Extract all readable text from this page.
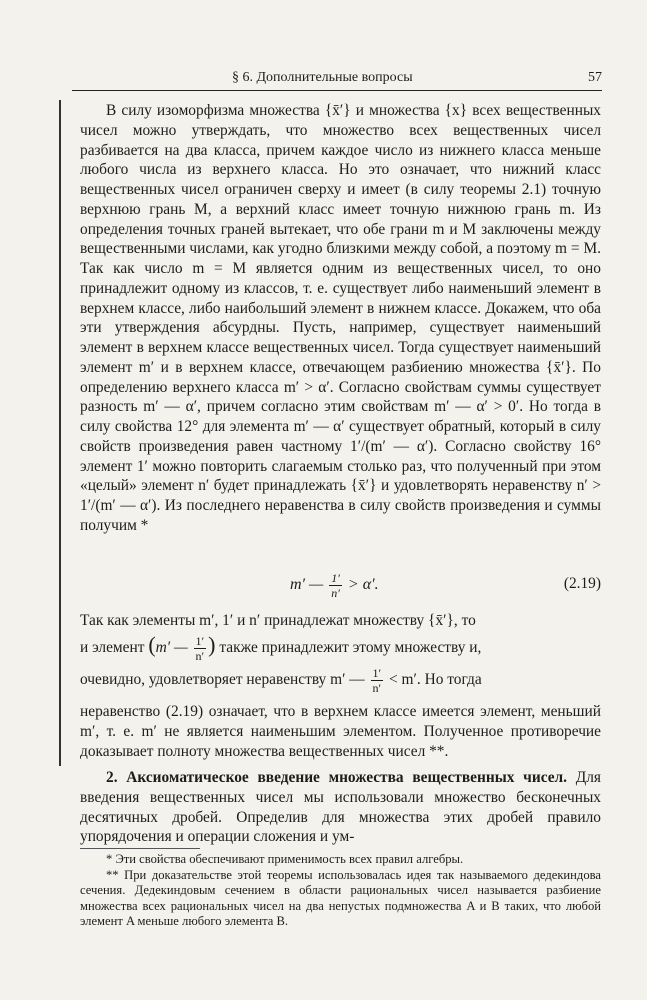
§ 6. Дополнительные вопросы	57

В силу изоморфизма множества {x̄′} и множества {x} всех вещественных чисел можно утверждать, что множество всех вещественных чисел разбивается на два класса, причем каждое число из нижнего класса меньше любого числа из верхнего класса. Но это означает, что нижний класс вещественных чисел ограничен сверху и имеет (в силу теоремы 2.1) точную верхнюю грань M, а верхний класс имеет точную нижнюю грань m. Из определения точных граней вытекает, что обе грани m и M заключены между вещественными числами, как угодно близкими между собой, а поэтому m = M. Так как число m = M является одним из вещественных чисел, то оно принадлежит одному из классов, т. е. существует либо наименьший элемент в верхнем классе, либо наибольший элемент в нижнем классе. Докажем, что оба эти утверждения абсурдны. Пусть, например, существует наименьший элемент в верхнем классе вещественных чисел. Тогда существует наименьший элемент m′ и в верхнем классе, отвечающем разбиению множества {x̄′}. По определению верхнего класса m′ > α′. Согласно свойствам суммы существует разность m′ — α′, причем согласно этим свойствам m′ — α′ > 0′. Но тогда в силу свойства 12° для элемента m′ — α′ существует обратный, который в силу свойств произведения равен частному 1′/(m′ — α′). Согласно свойству 16° элемент 1′ можно повторить слагаемым столько раз, что полученный при этом «целый» элемент n′ будет принадлежать {x̄′} и удовлетворять неравенству n′ > 1′/(m′ — α′). Из последнего неравенства в силу свойств произведения и суммы получим *

m′ — $\frac{1'}{n'} > \alpha'$.	(2.19)
Так как элементы m′, 1′ и n′ принадлежат множеству {x̄′}, то
и элемент (m′ — $\frac{1'}{n'}$ ) также принадлежит этому множеству и,
очевидно, удовлетворяет неравенству m′ — $\frac{1'}{n'} < m'$. Но тогда

неравенство (2.19) означает, что в верхнем классе имеется элемент, меньший m′, т. е. m′ не является наименьшим элементом. Полученное противоречие доказывает полноту множества вещественных чисел **.

2. Аксиоматическое введение множества вещественных чисел. Для введения вещественных чисел мы использовали множество бесконечных десятичных дробей. Определив для множества этих дробей правило упорядочения и операции сложения и ум-

* Эти свойства обеспечивают применимость всех правил алгебры.

** При доказательстве этой теоремы использовалась идея так называемого дедекиндова сечения. Дедекиндовым сечением в области рациональных чисел называется разбиение множества всех рациональных чисел на два непустых подмножества A и B таких, что любой элемент A меньше любого элемента B.
